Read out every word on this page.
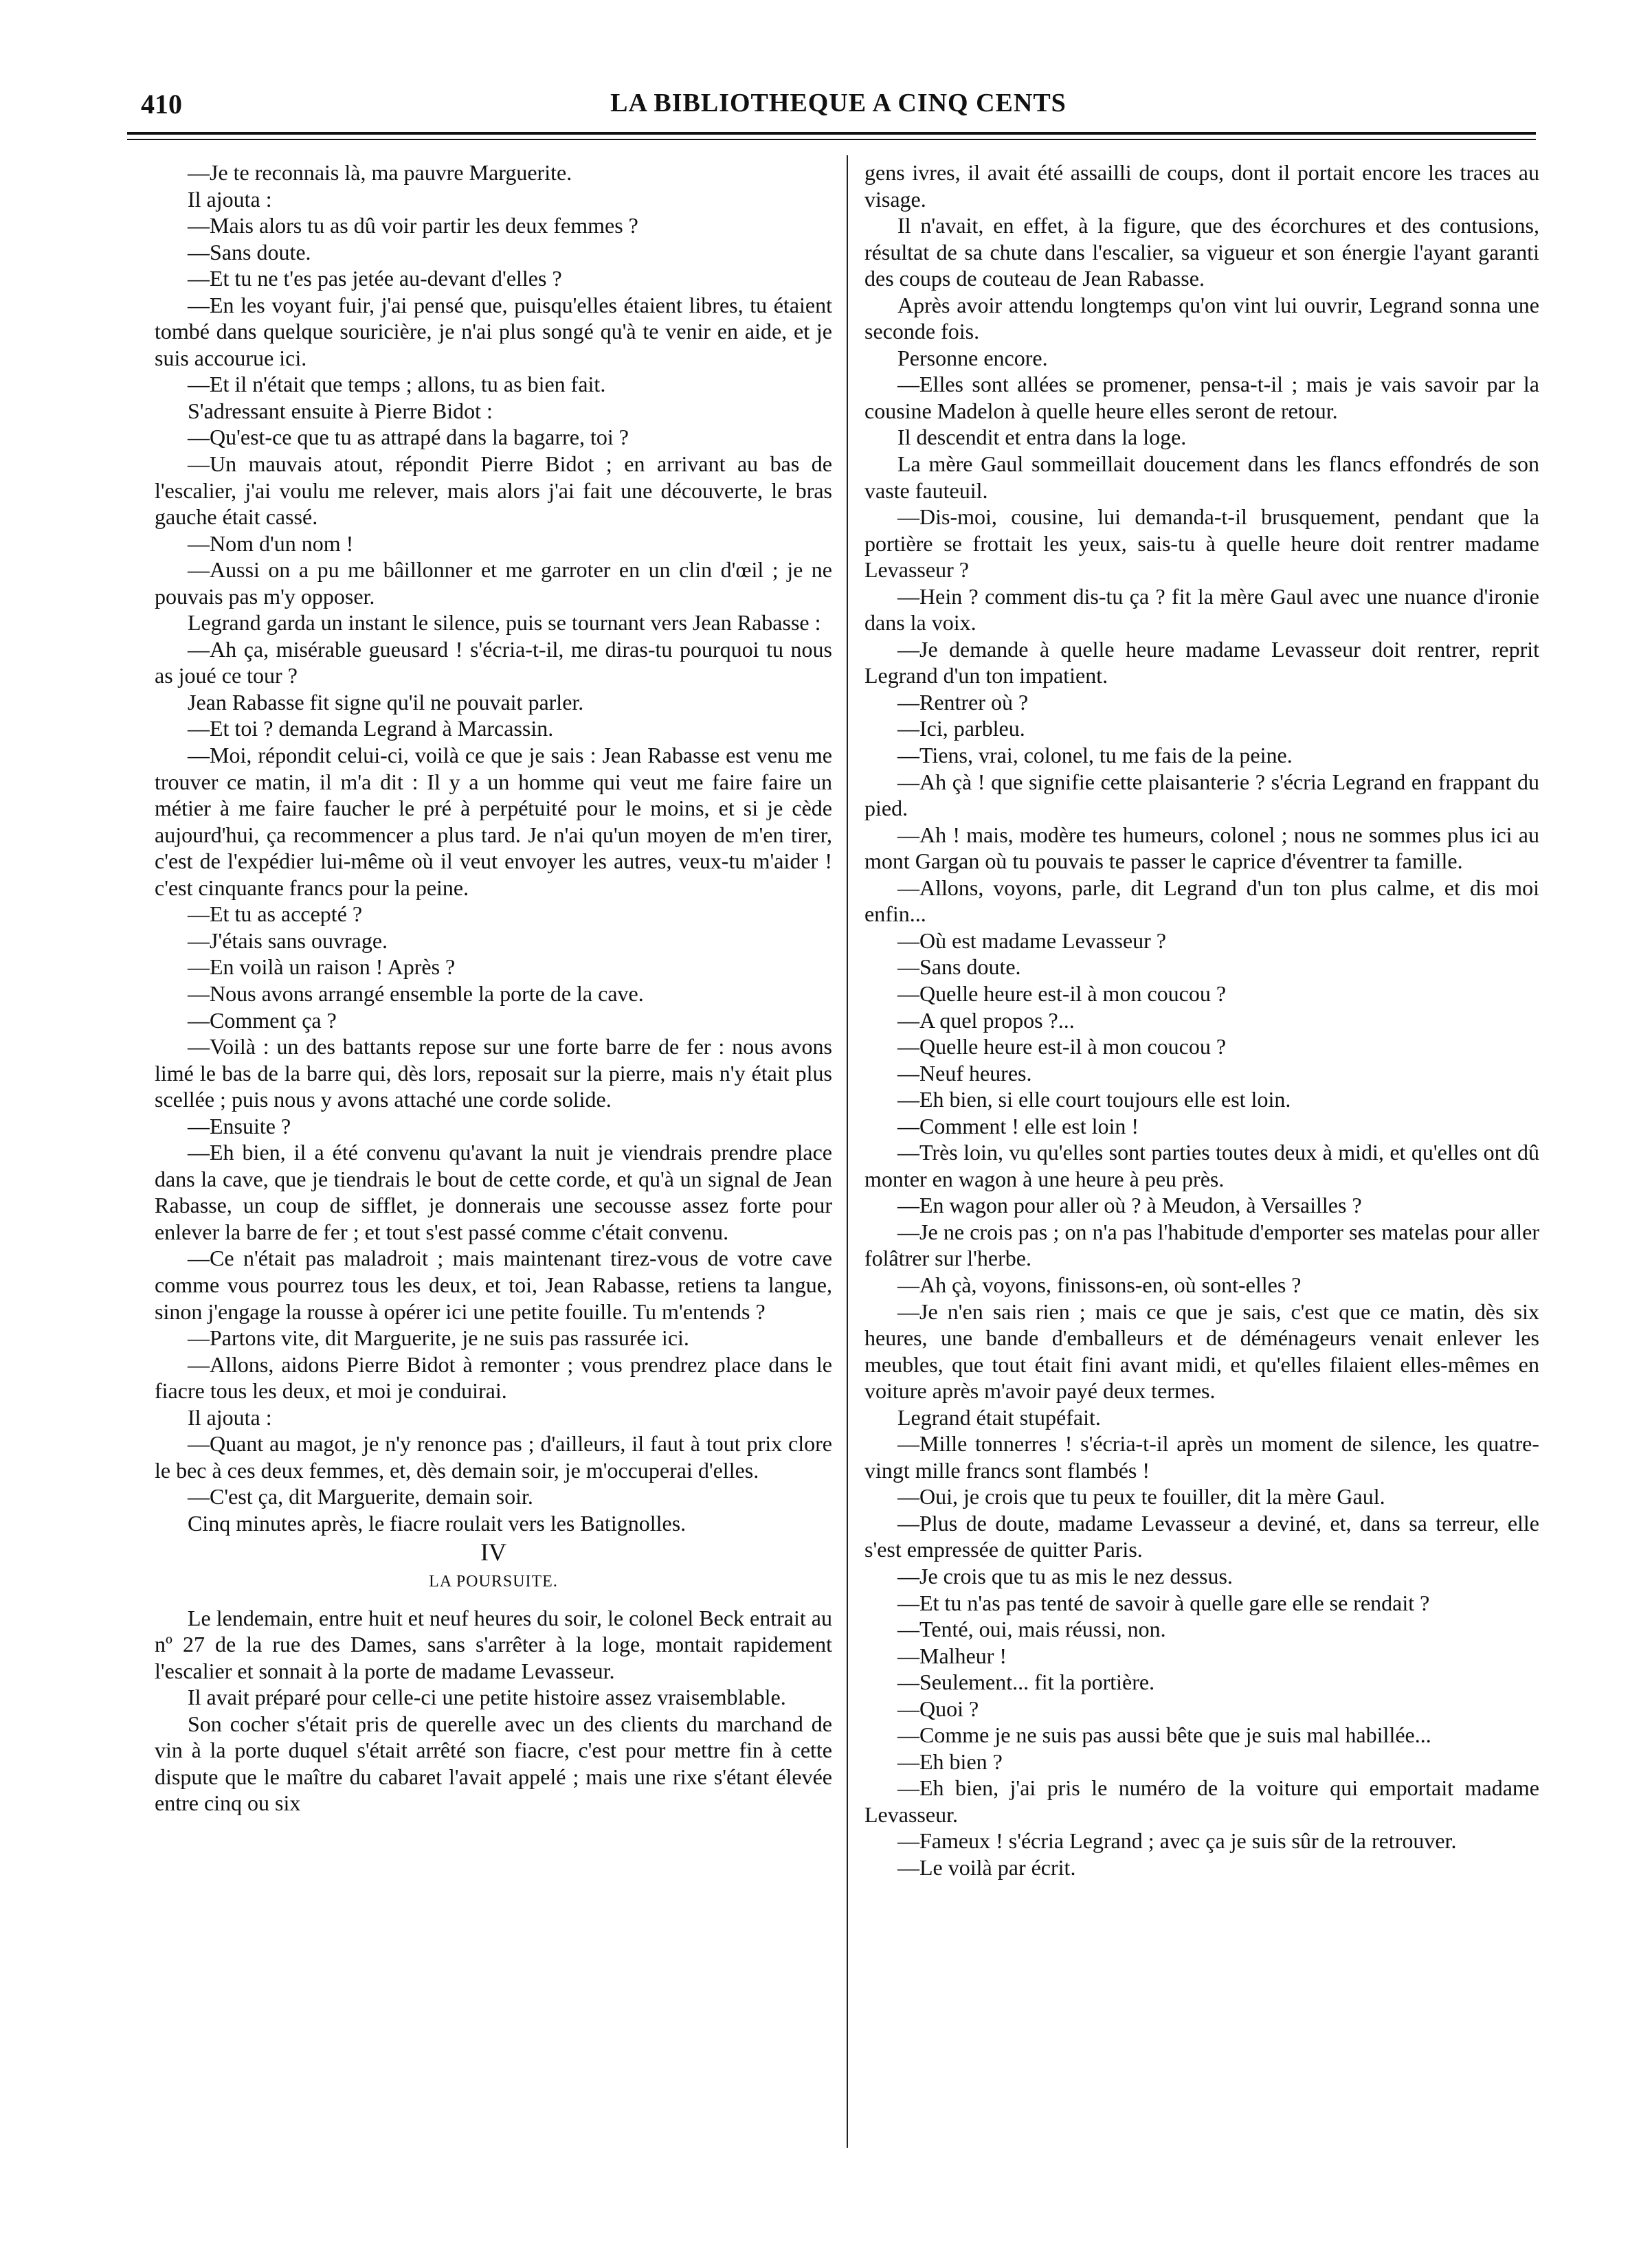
410	LA BIBLIOTHEQUE A CINQ CENTS

—Je te reconnais là, ma pauvre Marguerite.

Il ajouta :

—Mais alors tu as dû voir partir les deux femmes ?

—Sans doute.

—Et tu ne t'es pas jetée au-devant d'elles ?

—En les voyant fuir, j'ai pensé que, puisqu'elles étaient libres, tu étaient tombé dans quelque souricière, je n'ai plus songé qu'à te venir en aide, et je suis accourue ici.

—Et il n'était que temps ; allons, tu as bien fait.

S'adressant ensuite à Pierre Bidot :

—Qu'est-ce que tu as attrapé dans la bagarre, toi ?

—Un mauvais atout, répondit Pierre Bidot ; en arrivant au bas de l'escalier, j'ai voulu me relever, mais alors j'ai fait une découverte, le bras gauche était cassé.

—Nom d'un nom !

—Aussi on a pu me bâillonner et me garroter en un clin d'œil ; je ne pouvais pas m'y opposer.

Legrand garda un instant le silence, puis se tournant vers Jean Rabasse :

—Ah ça, misérable gueusard ! s'écria-t-il, me diras-tu pourquoi tu nous as joué ce tour ?

Jean Rabasse fit signe qu'il ne pouvait parler.

—Et toi ? demanda Legrand à Marcassin.

—Moi, répondit celui-ci, voilà ce que je sais : Jean Rabasse est venu me trouver ce matin, il m'a dit : Il y a un homme qui veut me faire faire un métier à me faire faucher le pré à perpétuité pour le moins, et si je cède aujourd'hui, ça recommencer a plus tard. Je n'ai qu'un moyen de m'en tirer, c'est de l'expédier lui-même où il veut envoyer les autres, veux-tu m'aider ! c'est cinquante francs pour la peine.

—Et tu as accepté ?

—J'étais sans ouvrage.

—En voilà un raison ! Après ?

—Nous avons arrangé ensemble la porte de la cave.

—Comment ça ?

—Voilà : un des battants repose sur une forte barre de fer : nous avons limé le bas de la barre qui, dès lors, reposait sur la pierre, mais n'y était plus scellée ; puis nous y avons attaché une corde solide.

—Ensuite ?

—Eh bien, il a été convenu qu'avant la nuit je viendrais prendre place dans la cave, que je tiendrais le bout de cette corde, et qu'à un signal de Jean Rabasse, un coup de sifflet, je donnerais une secousse assez forte pour enlever la barre de fer ; et tout s'est passé comme c'était convenu.

—Ce n'était pas maladroit ; mais maintenant tirez-vous de votre cave comme vous pourrez tous les deux, et toi, Jean Rabasse, retiens ta langue, sinon j'engage la rousse à opérer ici une petite fouille. Tu m'entends ?

—Partons vite, dit Marguerite, je ne suis pas rassurée ici.

—Allons, aidons Pierre Bidot à remonter ; vous prendrez place dans le fiacre tous les deux, et moi je conduirai.

Il ajouta :

—Quant au magot, je n'y renonce pas ; d'ailleurs, il faut à tout prix clore le bec à ces deux femmes, et, dès demain soir, je m'occuperai d'elles.

—C'est ça, dit Marguerite, demain soir.

Cinq minutes après, le fiacre roulait vers les Batignolles.

IV

LA POURSUITE.

Le lendemain, entre huit et neuf heures du soir, le colonel Beck entrait au nº 27 de la rue des Dames, sans s'arrêter à la loge, montait rapidement l'escalier et sonnait à la porte de madame Levasseur.

Il avait préparé pour celle-ci une petite histoire assez vraisemblable.

Son cocher s'était pris de querelle avec un des clients du marchand de vin à la porte duquel s'était arrêté son fiacre, c'est pour mettre fin à cette dispute que le maître du cabaret l'avait appelé ; mais une rixe s'étant élevée entre cinq ou six

gens ivres, il avait été assailli de coups, dont il portait encore les traces au visage.

Il n'avait, en effet, à la figure, que des écorchures et des contusions, résultat de sa chute dans l'escalier, sa vigueur et son énergie l'ayant garanti des coups de couteau de Jean Rabasse.

Après avoir attendu longtemps qu'on vint lui ouvrir, Legrand sonna une seconde fois.

Personne encore.

—Elles sont allées se promener, pensa-t-il ; mais je vais savoir par la cousine Madelon à quelle heure elles seront de retour.

Il descendit et entra dans la loge.

La mère Gaul sommeillait doucement dans les flancs effondrés de son vaste fauteuil.

—Dis-moi, cousine, lui demanda-t-il brusquement, pendant que la portière se frottait les yeux, sais-tu à quelle heure doit rentrer madame Levasseur ?

—Hein ? comment dis-tu ça ? fit la mère Gaul avec une nuance d'ironie dans la voix.

—Je demande à quelle heure madame Levasseur doit rentrer, reprit Legrand d'un ton impatient.

—Rentrer où ?

—Ici, parbleu.

—Tiens, vrai, colonel, tu me fais de la peine.

—Ah çà ! que signifie cette plaisanterie ? s'écria Legrand en frappant du pied.

—Ah ! mais, modère tes humeurs, colonel ; nous ne sommes plus ici au mont Gargan où tu pouvais te passer le caprice d'éventrer ta famille.

—Allons, voyons, parle, dit Legrand d'un ton plus calme, et dis moi enfin...

—Où est madame Levasseur ?

—Sans doute.

—Quelle heure est-il à mon coucou ?

—A quel propos ?...

—Quelle heure est-il à mon coucou ?

—Neuf heures.

—Eh bien, si elle court toujours elle est loin.

—Comment ! elle est loin !

—Très loin, vu qu'elles sont parties toutes deux à midi, et qu'elles ont dû monter en wagon à une heure à peu près.

—En wagon pour aller où ? à Meudon, à Versailles ?

—Je ne crois pas ; on n'a pas l'habitude d'emporter ses matelas pour aller folâtrer sur l'herbe.

—Ah çà, voyons, finissons-en, où sont-elles ?

—Je n'en sais rien ; mais ce que je sais, c'est que ce matin, dès six heures, une bande d'emballeurs et de déménageurs venait enlever les meubles, que tout était fini avant midi, et qu'elles filaient elles-mêmes en voiture après m'avoir payé deux termes.

Legrand était stupéfait.

—Mille tonnerres ! s'écria-t-il après un moment de silence, les quatre-vingt mille francs sont flambés !

—Oui, je crois que tu peux te fouiller, dit la mère Gaul.

—Plus de doute, madame Levasseur a deviné, et, dans sa terreur, elle s'est empressée de quitter Paris.

—Je crois que tu as mis le nez dessus.

—Et tu n'as pas tenté de savoir à quelle gare elle se rendait ?

—Tenté, oui, mais réussi, non.

—Malheur !

—Seulement... fit la portière.

—Quoi ?

—Comme je ne suis pas aussi bête que je suis mal habillée...

—Eh bien ?

—Eh bien, j'ai pris le numéro de la voiture qui emportait madame Levasseur.

—Fameux ! s'écria Legrand ; avec ça je suis sûr de la retrouver.

—Le voilà par écrit.
